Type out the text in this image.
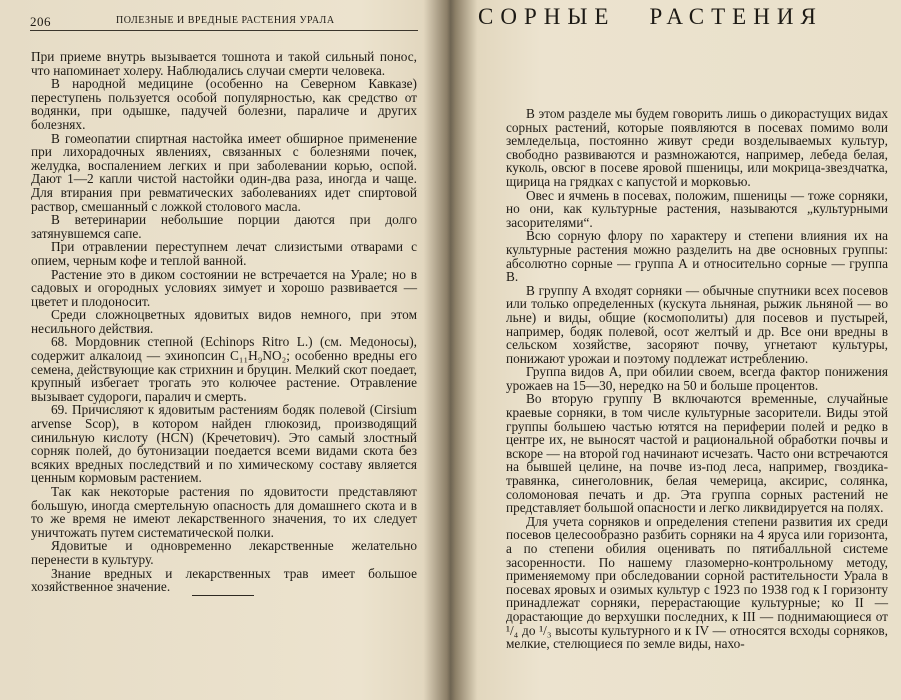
206	ПОЛЕЗНЫЕ И ВРЕДНЫЕ РАСТЕНИЯ УРАЛА

При приеме внутрь вызывается тошнота и такой сильный понос, что напоминает холеру. Наблюдались случаи смерти человека.

В народной медицине (особенно на Северном Кавказе) переступень пользуется особой популярностью, как средство от водянки, при одышке, падучей болезни, параличе и других болезнях.

В гомеопатии спиртная настойка имеет обширное применение при лихорадочных явлениях, связанных с болезнями почек, желудка, воспалением легких и при заболевании корью, оспой. Дают 1—2 капли чистой настойки один-два раза, иногда и чаще. Для втирания при ревматических заболеваниях идет спиртовой раствор, смешанный с ложкой столового масла.

В ветеринарии небольшие порции даются при долго затянувшемся сапе.

При отравлении переступнем лечат слизистыми отварами с опием, черным кофе и теплой ванной.

Растение это в диком состоянии не встречается на Урале; но в садовых и огородных условиях зимует и хорошо развивается — цветет и плодоносит.

Среди сложноцветных ядовитых видов немного, при этом несильного действия.

68. Мордовник степной (Echinops Ritro L.) (см. Медоносы), содержит алкалоид — эхинопсин C₁₁H₉NO₂; особенно вредны его семена, действующие как стрихнин и бруцин. Мелкий скот поедает, крупный избегает трогать это колючее растение. Отравление вызывает судороги, паралич и смерть.

69. Причисляют к ядовитым растениям бодяк полевой (Cirsium arvense Scop), в котором найден глюкозид, производящий синильную кислоту (HCN) (Кречетович). Это самый злостный сорняк полей, до бутонизации поедается всеми видами скота без всяких вредных последствий и по химическому составу является ценным кормовым растением.

Так как некоторые растения по ядовитости представляют большую, иногда смертельную опасность для домашнего скота и в то же время не имеют лекарственного значения, то их следует уничтожать путем систематической полки.

Ядовитые и одновременно лекарственные желательно перенести в культуру.

Знание вредных и лекарственных трав имеет большое хозяйственное значение.

СОРНЫЕ РАСТЕНИЯ

В этом разделе мы будем говорить лишь о дикорастущих видах сорных растений, которые появляются в посевах помимо воли земледельца, постоянно живут среди возделываемых культур, свободно развиваются и размножаются, например, лебеда белая, куколь, овсюг в посеве яровой пшеницы, или мокрица-звездчатка, щирица на грядках с капустой и морковью.

Овес и ячмень в посевах, положим, пшеницы — тоже сорняки, но они, как культурные растения, называются „культурными засорителями“.

Всю сорную флору по характеру и степени влияния их на культурные растения можно разделить на две основных группы: абсолютно сорные — группа А и относительно сорные — группа В.

В группу А входят сорняки — обычные спутники всех посевов или только определенных (кускута льняная, рыжик льняной — во льне) и виды, общие (космополиты) для посевов и пустырей, например, бодяк полевой, осот желтый и др. Все они вредны в сельском хозяйстве, засоряют почву, угнетают культуры, понижают урожаи и поэтому подлежат истреблению.

Группа видов А, при обилии своем, всегда фактор понижения урожаев на 15—30, нередко на 50 и больше процентов.

Во вторую группу В включаются временные, случайные краевые сорняки, в том числе культурные засорители. Виды этой группы большею частью ютятся на периферии полей и редко в центре их, не выносят частой и рациональной обработки почвы и вскоре — на второй год начинают исчезать. Часто они встречаются на бывшей целине, на почве из-под леса, например, гвоздика-травянка, синеголовник, белая чемерица, аксирис, солянка, соломоновая печать и др. Эта группа сорных растений не представляет большой опасности и легко ликвидируется на полях.

Для учета сорняков и определения степени развития их среди посевов целесообразно разбить сорняки на 4 яруса или горизонта, а по степени обилия оценивать по пятибалльной системе засоренности. По нашему глазомерно-контрольному методу, применяемому при обследовании сорной растительности Урала в посевах яровых и озимых культур с 1923 по 1938 год к I горизонту принадлежат сорняки, перерастающие культурные; ко II — дорастающие до верхушки последних, к III — поднимающиеся от ¹/₄ до ¹/₃ высоты культурного и к IV — относятся всходы сорняков, мелкие, стелющиеся по земле виды, нахо-
